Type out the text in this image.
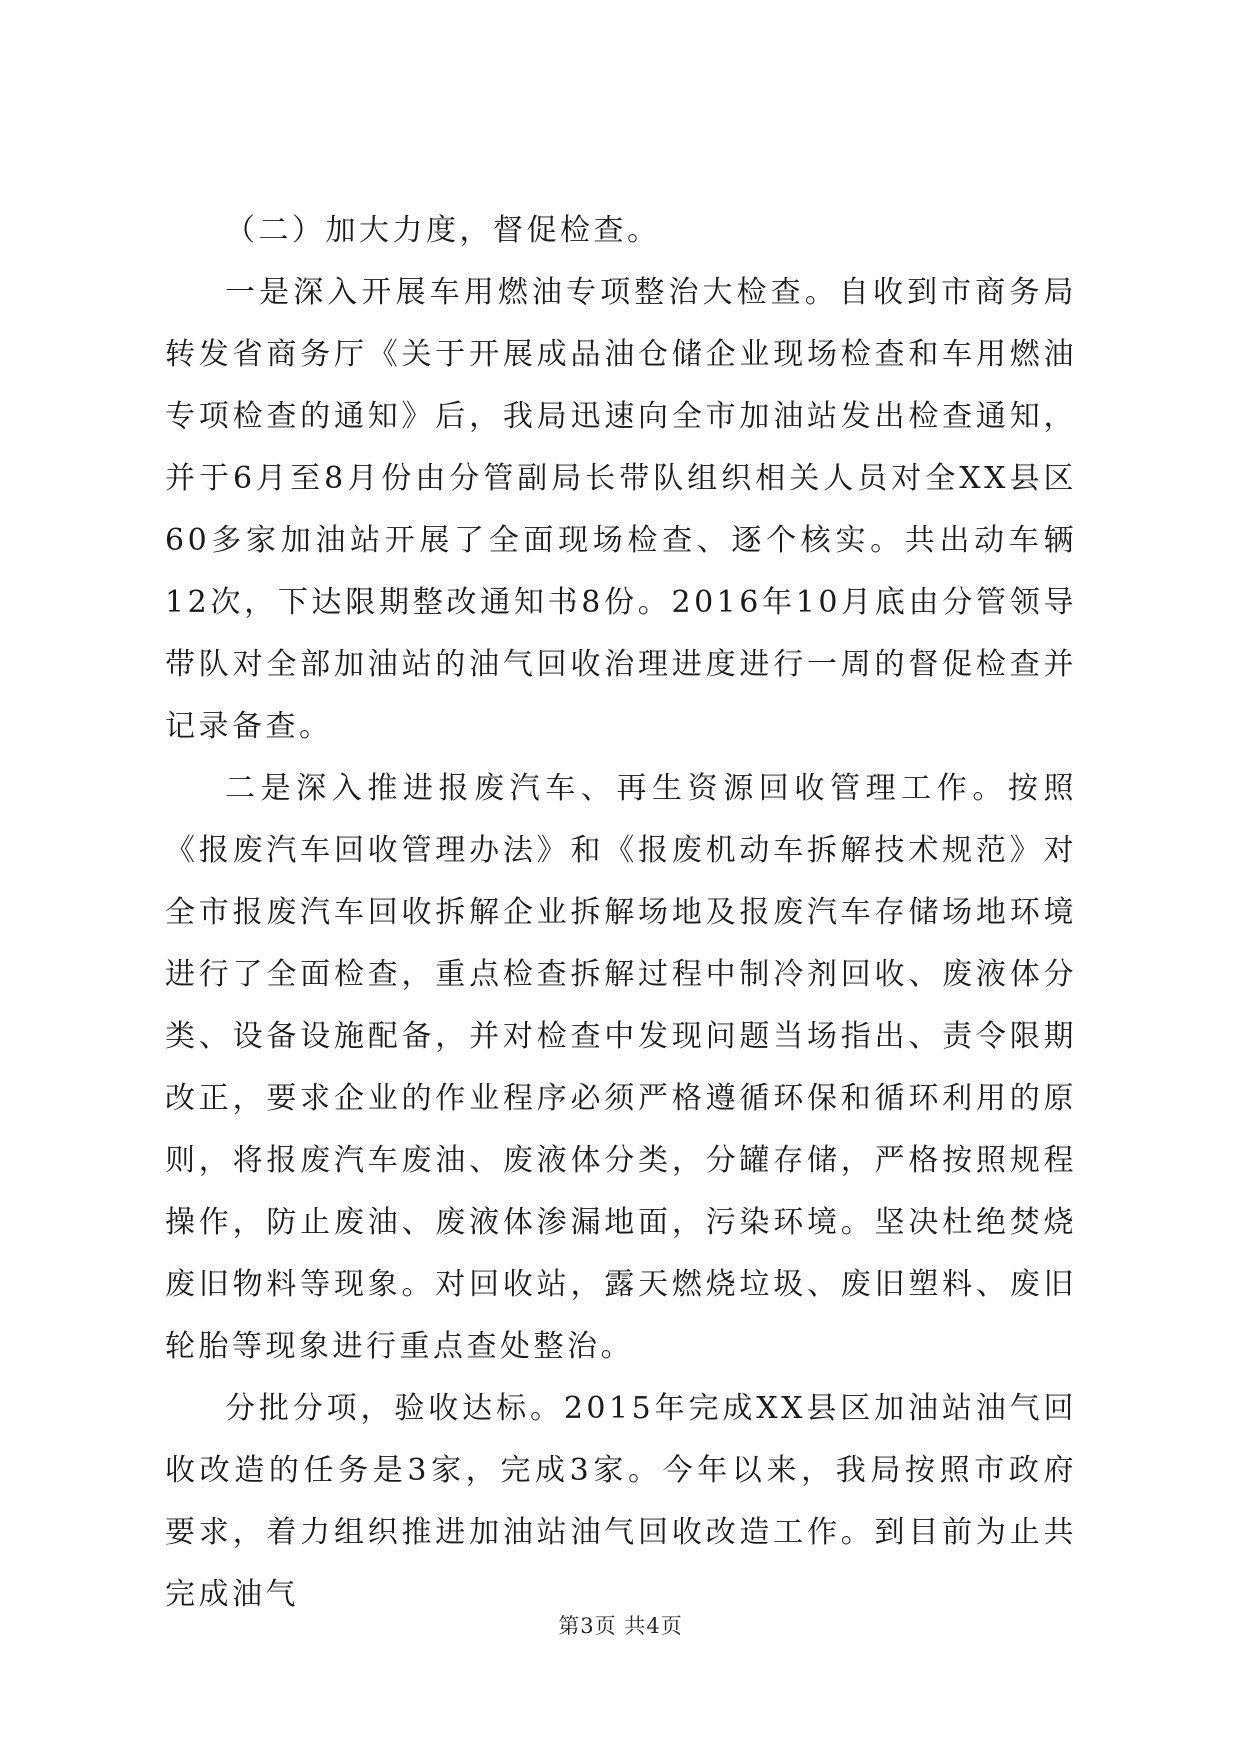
（二）加大力度，督促检查。

一是深入开展车用燃油专项整治大检查。自收到市商务局转发省商务厅《关于开展成品油仓储企业现场检查和车用燃油专项检查的通知》后，我局迅速向全市加油站发出检查通知，并于6月至8月份由分管副局长带队组织相关人员对全XX县区60多家加油站开展了全面现场检查、逐个核实。共出动车辆12次，下达限期整改通知书8份。2016年10月底由分管领导带队对全部加油站的油气回收治理进度进行一周的督促检查并记录备查。

二是深入推进报废汽车、再生资源回收管理工作。按照《报废汽车回收管理办法》和《报废机动车拆解技术规范》对全市报废汽车回收拆解企业拆解场地及报废汽车存储场地环境进行了全面检查，重点检查拆解过程中制冷剂回收、废液体分类、设备设施配备，并对检查中发现问题当场指出、责令限期改正，要求企业的作业程序必须严格遵循环保和循环利用的原则，将报废汽车废油、废液体分类，分罐存储，严格按照规程操作，防止废油、废液体渗漏地面，污染环境。坚决杜绝焚烧废旧物料等现象。对回收站，露天燃烧垃圾、废旧塑料、废旧轮胎等现象进行重点查处整治。

分批分项，验收达标。2015年完成XX县区加油站油气回收改造的任务是3家，完成3家。今年以来，我局按照市政府要求，着力组织推进加油站油气回收改造工作。到目前为止共完成油气

第3页 共4页
